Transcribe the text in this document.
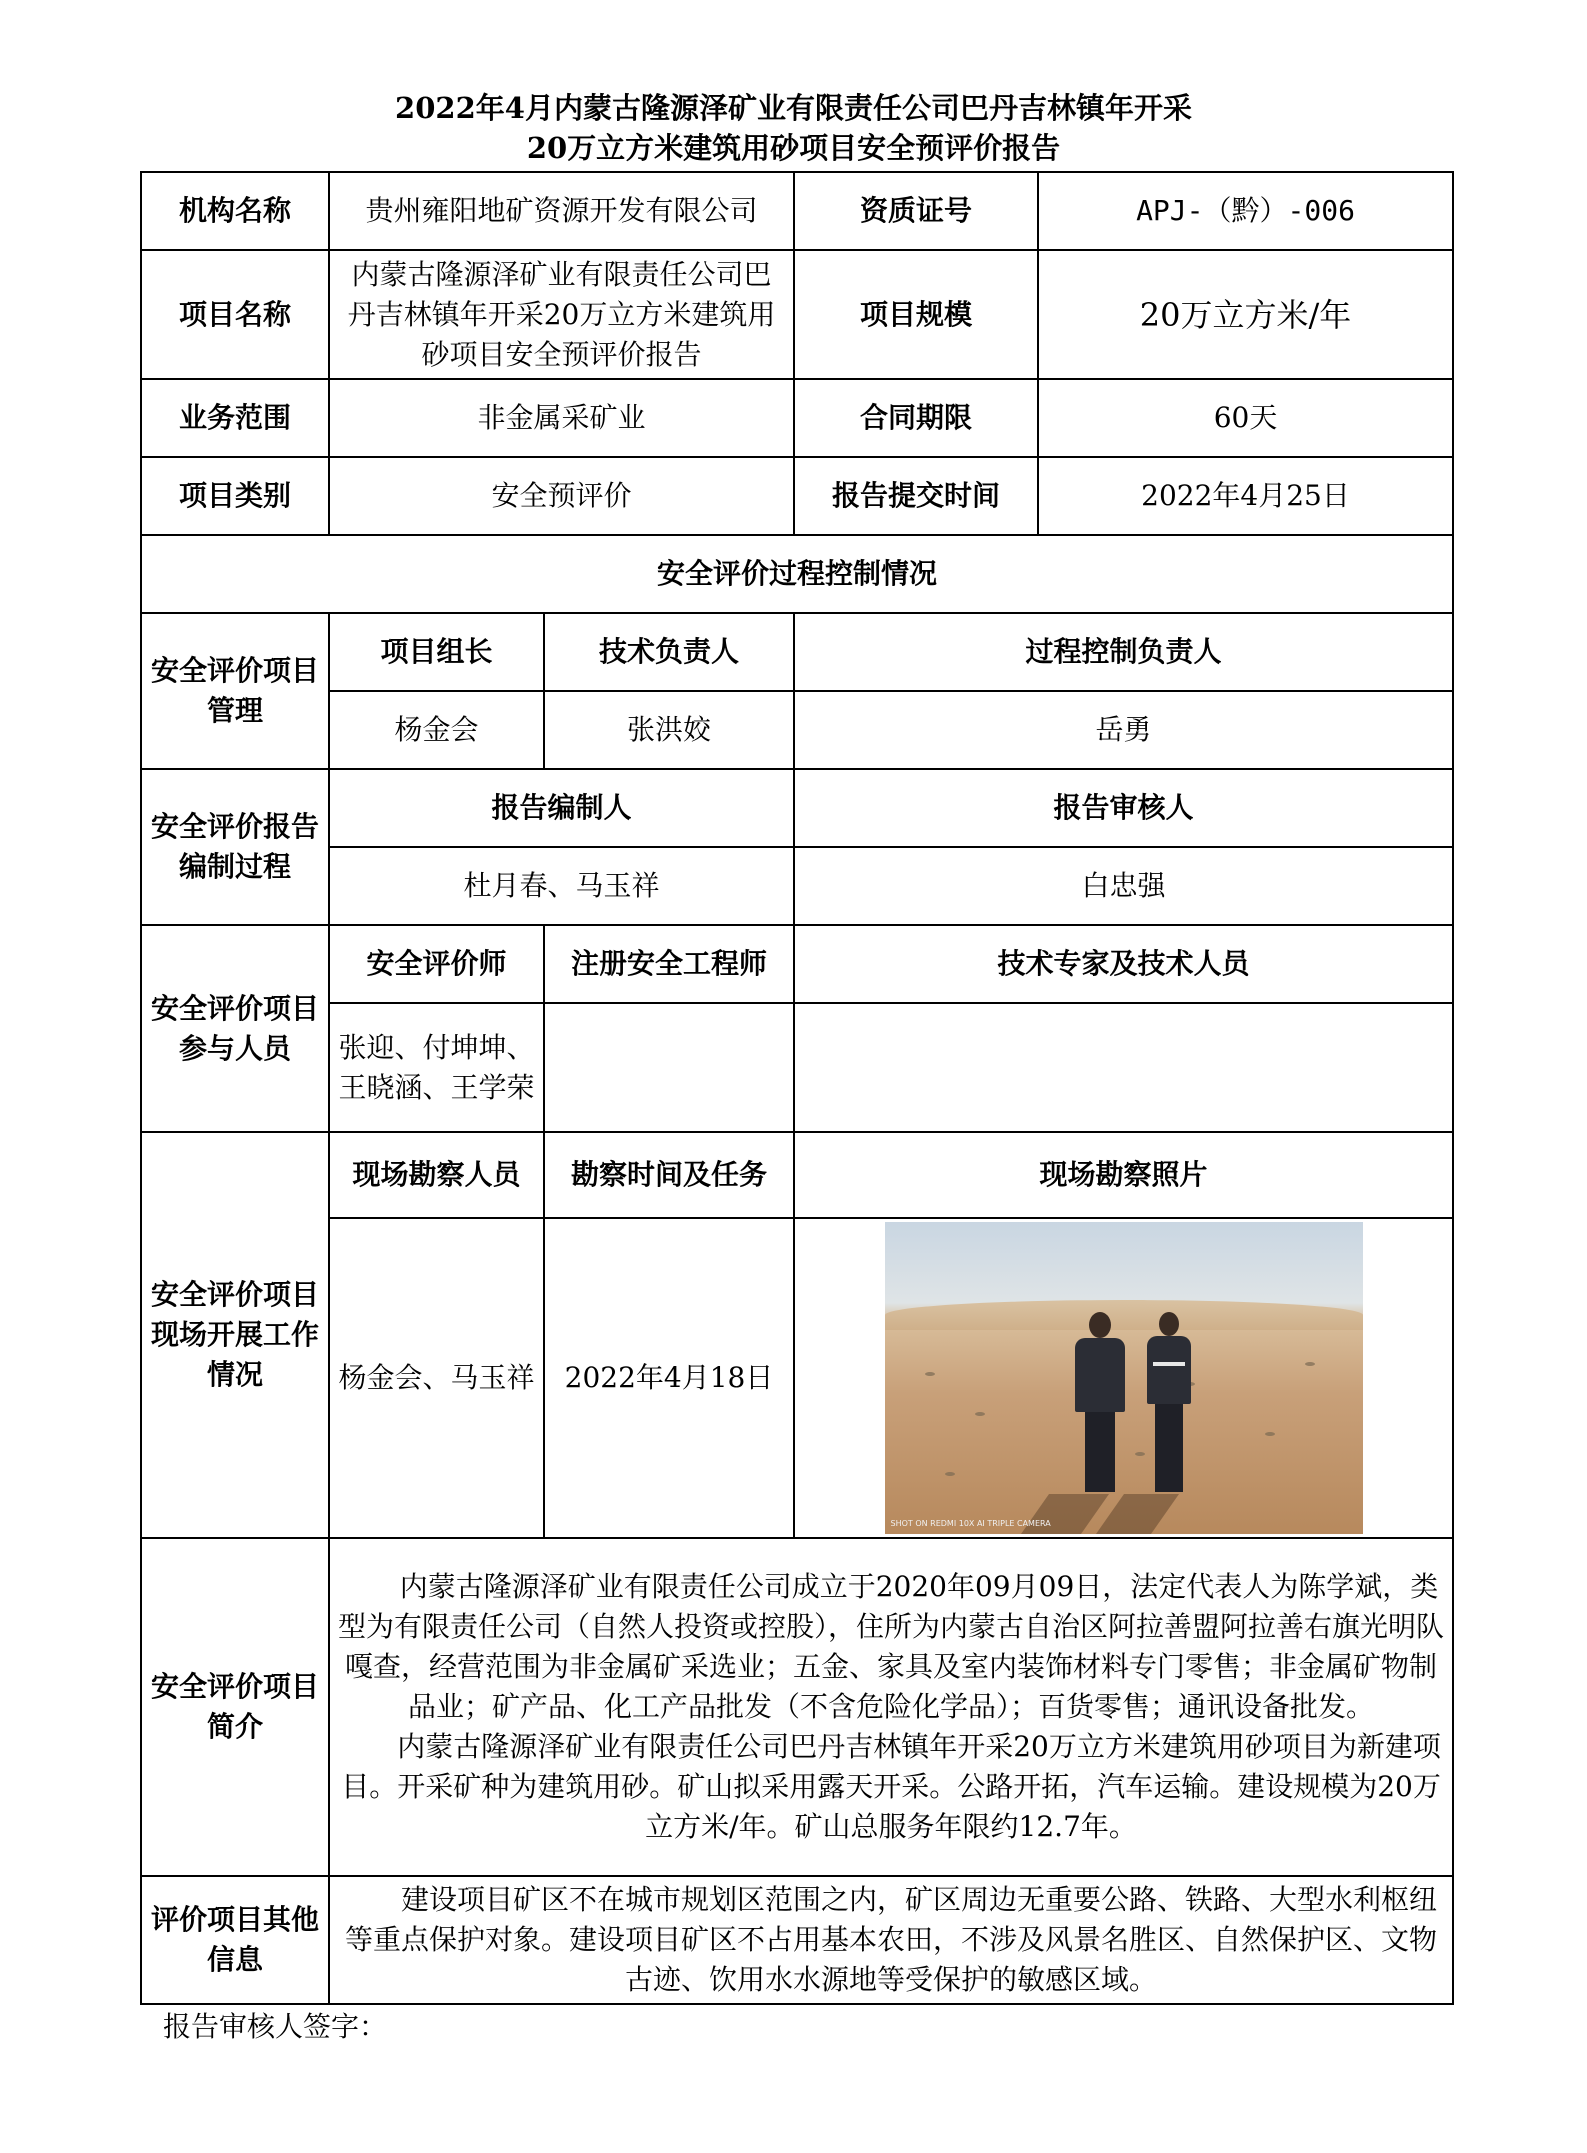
2022年4月内蒙古隆源泽矿业有限责任公司巴丹吉林镇年开采
20万立方米建筑用砂项目安全预评价报告
机构名称	贵州雍阳地矿资源开发有限公司		资质证号	APJ-（黔）-006
项目名称	内蒙古隆源泽矿业有限责任公司巴丹吉林镇年开采20万立方米建筑用砂项目安全预评价报告		项目规模	20万立方米/年
业务范围	非金属采矿业		合同期限	60天
项目类别	安全预评价		报告提交时间	2022年4月25日
安全评价过程控制情况				
安全评价项目管理	项目组长	技术负责人	过程控制负责人	
	杨金会	张洪姣	岳勇	
安全评价报告编制过程	报告编制人		报告审核人	
	杜月春、马玉祥		白忠强	
安全评价项目参与人员	安全评价师	注册安全工程师	技术专家及技术人员	
	张迎、付坤坤、王晓涵、王学荣			
安全评价项目现场开展工作情况	现场勘察人员	勘察时间及任务	现场勘察照片	
	杨金会、马玉祥	2022年4月18日	SHOT ON REDMI 10X AI TRIPLE CAMERA	

安全评价项目简介	内蒙古隆源泽矿业有限责任公司成立于2020年09月09日，法定代表人为陈学斌，类型为有限责任公司（自然人投资或控股），住所为内蒙古自治区阿拉善盟阿拉善右旗光明队嘎查，经营范围为非金属矿采选业；五金、家具及室内装饰材料专门零售；非金属矿物制品业；矿产品、化工产品批发（不含危险化学品）；百货零售；通讯设备批发。

内蒙古隆源泽矿业有限责任公司巴丹吉林镇年开采20万立方米建筑用砂项目为新建项目。开采矿种为建筑用砂。矿山拟采用露天开采。公路开拓，汽车运输。建设规模为20万立方米/年。矿山总服务年限约12.7年。			

评价项目其他信息	建设项目矿区不在城市规划区范围之内，矿区周边无重要公路、铁路、大型水利枢纽等重点保护对象。建设项目矿区不占用基本农田，不涉及风景名胜区、自然保护区、文物古迹、饮用水水源地等受保护的敏感区域。			

报告审核人签字：
